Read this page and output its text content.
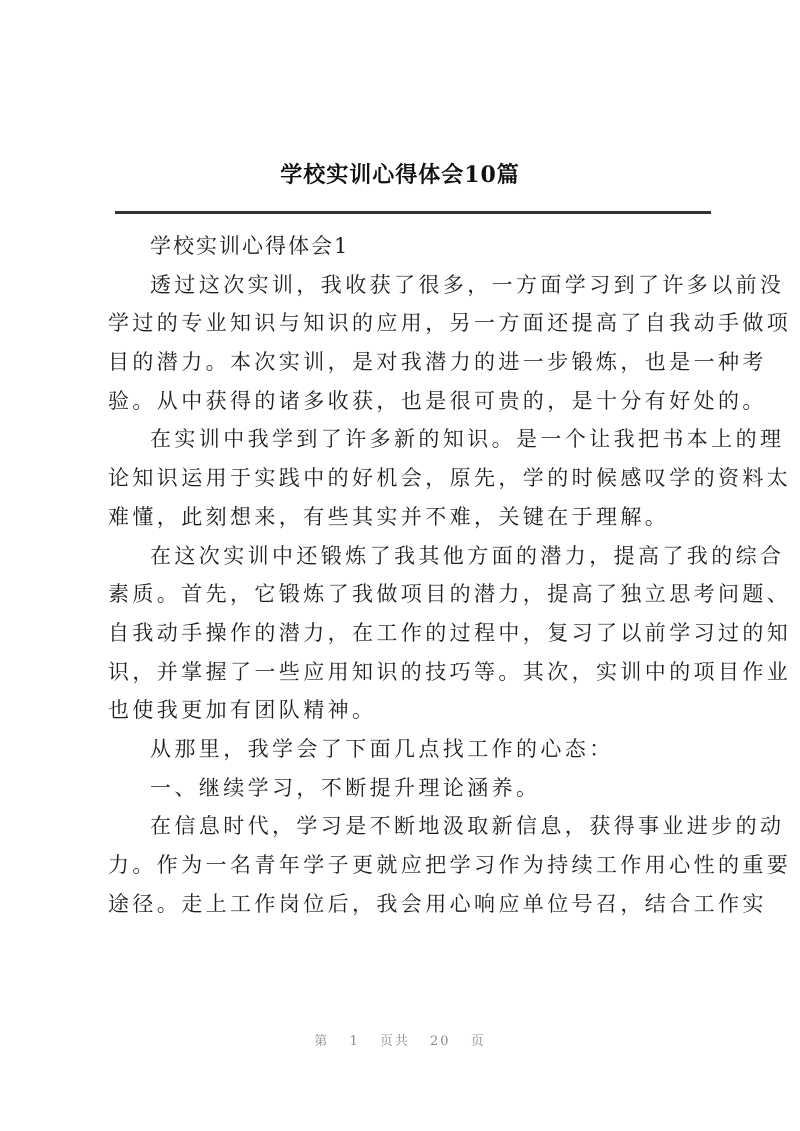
学校实训心得体会10篇
学校实训心得体会1
透过这次实训，我收获了很多，一方面学习到了许多以前没
学过的专业知识与知识的应用，另一方面还提高了自我动手做项
目的潜力。本次实训，是对我潜力的进一步锻炼，也是一种考
验。从中获得的诸多收获，也是很可贵的，是十分有好处的。
在实训中我学到了许多新的知识。是一个让我把书本上的理
论知识运用于实践中的好机会，原先，学的时候感叹学的资料太
难懂，此刻想来，有些其实并不难，关键在于理解。
在这次实训中还锻炼了我其他方面的潜力，提高了我的综合
素质。首先，它锻炼了我做项目的潜力，提高了独立思考问题、
自我动手操作的潜力，在工作的过程中，复习了以前学习过的知
识，并掌握了一些应用知识的技巧等。其次，实训中的项目作业
也使我更加有团队精神。
从那里，我学会了下面几点找工作的心态：
一、继续学习，不断提升理论涵养。
在信息时代，学习是不断地汲取新信息，获得事业进步的动
力。作为一名青年学子更就应把学习作为持续工作用心性的重要
途径。走上工作岗位后，我会用心响应单位号召，结合工作实
第 1 页共 20 页
